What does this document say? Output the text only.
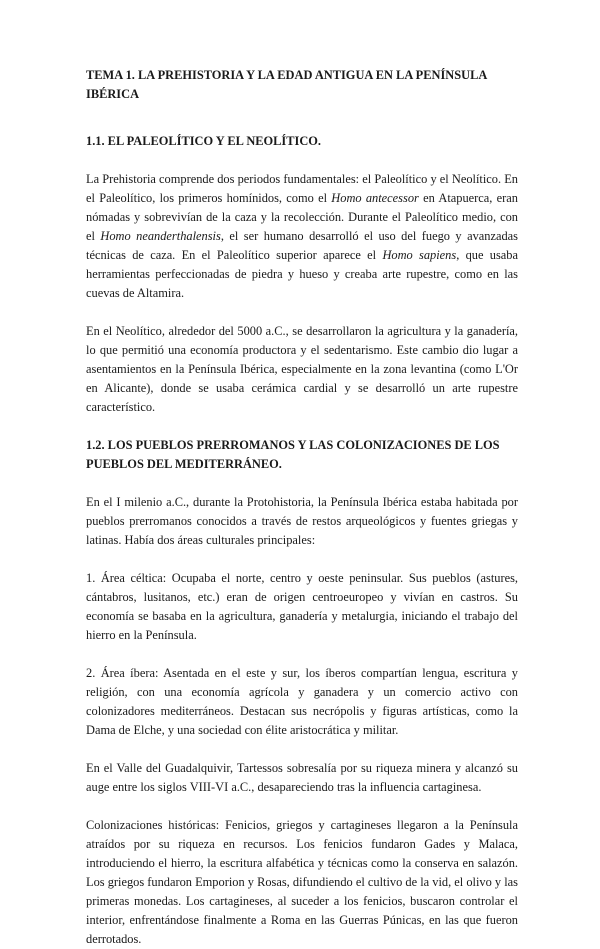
TEMA 1. LA PREHISTORIA Y LA EDAD ANTIGUA EN LA PENÍNSULA IBÉRICA
1.1. EL PALEOLÍTICO Y EL NEOLÍTICO.

La Prehistoria comprende dos periodos fundamentales: el Paleolítico y el Neolítico. En el Paleolítico, los primeros homínidos, como el Homo antecessor en Atapuerca, eran nómadas y sobrevivían de la caza y la recolección. Durante el Paleolítico medio, con el Homo neanderthalensis, el ser humano desarrolló el uso del fuego y avanzadas técnicas de caza. En el Paleolítico superior aparece el Homo sapiens, que usaba herramientas perfeccionadas de piedra y hueso y creaba arte rupestre, como en las cuevas de Altamira.

En el Neolítico, alrededor del 5000 a.C., se desarrollaron la agricultura y la ganadería, lo que permitió una economía productora y el sedentarismo. Este cambio dio lugar a asentamientos en la Península Ibérica, especialmente en la zona levantina (como L'Or en Alicante), donde se usaba cerámica cardial y se desarrolló un arte rupestre característico.

1.2. LOS PUEBLOS PRERROMANOS Y LAS COLONIZACIONES DE LOS PUEBLOS DEL MEDITERRÁNEO.

En el I milenio a.C., durante la Protohistoria, la Península Ibérica estaba habitada por pueblos prerromanos conocidos a través de restos arqueológicos y fuentes griegas y latinas. Había dos áreas culturales principales:

1. Área céltica: Ocupaba el norte, centro y oeste peninsular. Sus pueblos (astures, cántabros, lusitanos, etc.) eran de origen centroeuropeo y vivían en castros. Su economía se basaba en la agricultura, ganadería y metalurgia, iniciando el trabajo del hierro en la Península.

2. Área íbera: Asentada en el este y sur, los íberos compartían lengua, escritura y religión, con una economía agrícola y ganadera y un comercio activo con colonizadores mediterráneos. Destacan sus necrópolis y figuras artísticas, como la Dama de Elche, y una sociedad con élite aristocrática y militar.

En el Valle del Guadalquivir, Tartessos sobresalía por su riqueza minera y alcanzó su auge entre los siglos VIII-VI a.C., desapareciendo tras la influencia cartaginesa.

Colonizaciones históricas: Fenicios, griegos y cartagineses llegaron a la Península atraídos por su riqueza en recursos. Los fenicios fundaron Gades y Malaca, introduciendo el hierro, la escritura alfabética y técnicas como la conserva en salazón. Los griegos fundaron Emporion y Rosas, difundiendo el cultivo de la vid, el olivo y las primeras monedas. Los cartagineses, al suceder a los fenicios, buscaron controlar el interior, enfrentándose finalmente a Roma en las Guerras Púnicas, en las que fueron derrotados.
